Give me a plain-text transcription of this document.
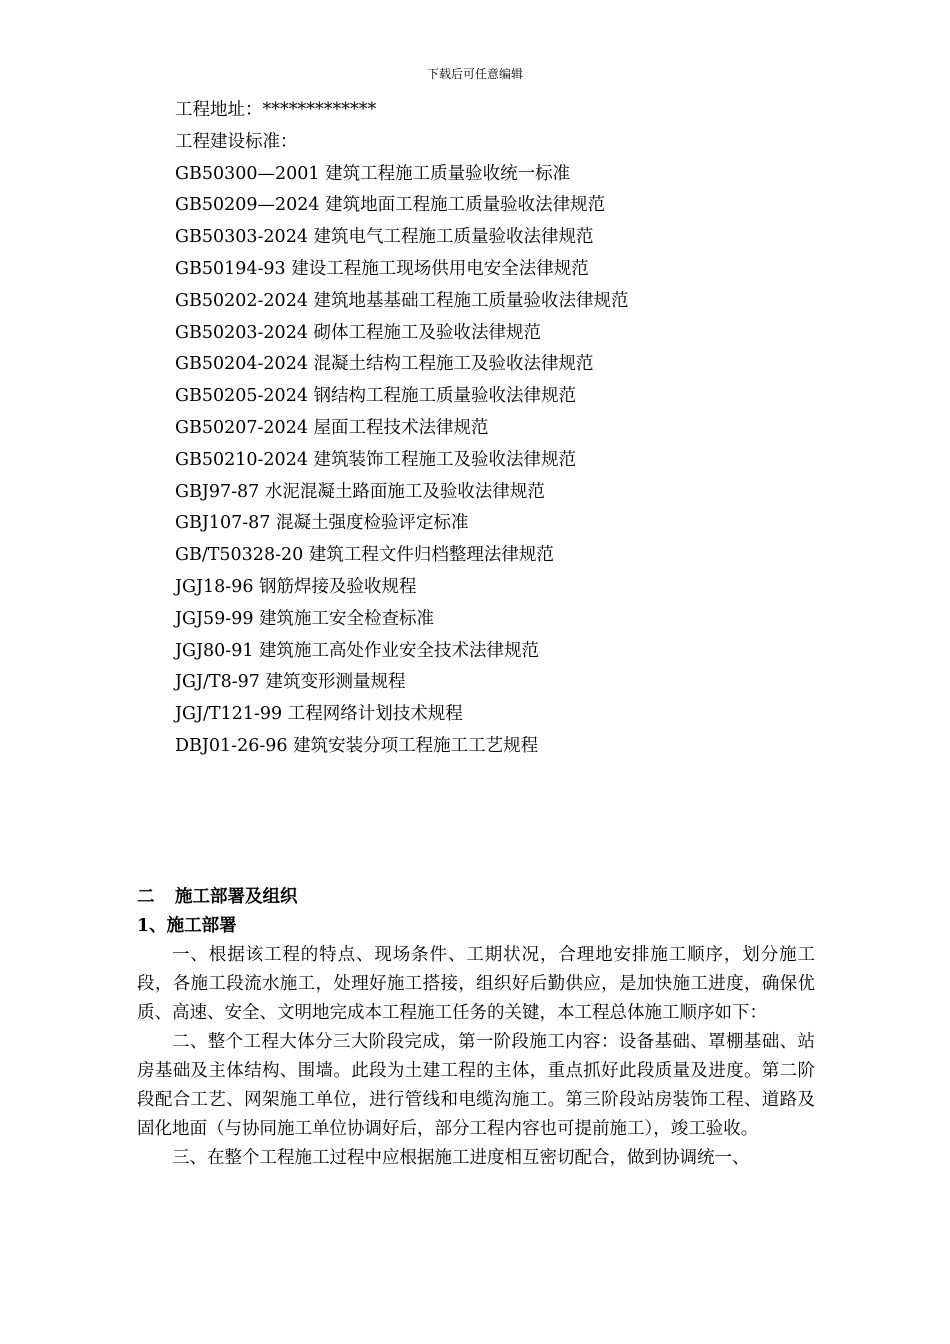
下载后可任意编辑
工程地址：*************
工程建设标准：
GB50300—2001 建筑工程施工质量验收统一标准
GB50209—2024 建筑地面工程施工质量验收法律规范
GB50303-2024 建筑电气工程施工质量验收法律规范
GB50194-93 建设工程施工现场供用电安全法律规范
GB50202-2024 建筑地基基础工程施工质量验收法律规范
GB50203-2024 砌体工程施工及验收法律规范
GB50204-2024 混凝土结构工程施工及验收法律规范
GB50205-2024 钢结构工程施工质量验收法律规范
GB50207-2024 屋面工程技术法律规范
GB50210-2024 建筑装饰工程施工及验收法律规范
GBJ97-87 水泥混凝土路面施工及验收法律规范
GBJ107-87 混凝土强度检验评定标准
GB/T50328-20 建筑工程文件归档整理法律规范
JGJ18-96 钢筋焊接及验收规程
JGJ59-99 建筑施工安全检查标准
JGJ80-91 建筑施工高处作业安全技术法律规范
JGJ/T8-97 建筑变形测量规程
JGJ/T121-99 工程网络计划技术规程
DBJ01-26-96 建筑安装分项工程施工工艺规程
二 施工部署及组织
1、施工部署

一、根据该工程的特点、现场条件、工期状况，合理地安排施工顺序，划分施工段，各施工段流水施工，处理好施工搭接，组织好后勤供应，是加快施工进度，确保优质、高速、安全、文明地完成本工程施工任务的关键，本工程总体施工顺序如下：

二、整个工程大体分三大阶段完成，第一阶段施工内容：设备基础、罩棚基础、站房基础及主体结构、围墙。此段为土建工程的主体，重点抓好此段质量及进度。第二阶段配合工艺、网架施工单位，进行管线和电缆沟施工。第三阶段站房装饰工程、道路及固化地面（与协同施工单位协调好后，部分工程内容也可提前施工），竣工验收。

三、在整个工程施工过程中应根据施工进度相互密切配合，做到协调统一、
